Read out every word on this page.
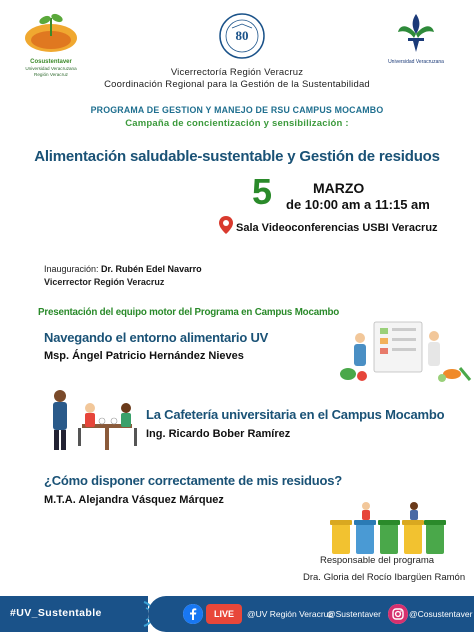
Cosustentaver
Universidad Veracruzana
Región Veracruz
80
Universidad Veracruzana
Vicerrectoría Región Veracruz
Coordinación Regional para la Gestión de la Sustentabilidad
PROGRAMA DE GESTION Y MANEJO DE RSU CAMPUS MOCAMBO
Campaña de concientización y sensibilización :
Alimentación saludable-sustentable y Gestión de residuos
5	MARZO
de 10:00 am a 11:15 am
Sala Videoconferencias USBI Veracruz
Inauguración: Dr. Rubén Edel Navarro
Vicerrector Región Veracruz
Presentación del equipo motor del Programa en Campus Mocambo
Navegando el entorno alimentario UV
Msp. Ángel Patricio Hernández Nieves
La Cafetería universitaria en el Campus Mocambo
Ing. Ricardo Bober Ramírez
¿Cómo disponer correctamente de mis residuos?
M.T.A. Alejandra Vásquez Márquez
Responsable del programa
Dra. Gloria del Rocío Ibargüen Ramón
#UV_Sustentable	LIVE	@UV Región Veracruz
@Sustentaver	@Cosustentaver
